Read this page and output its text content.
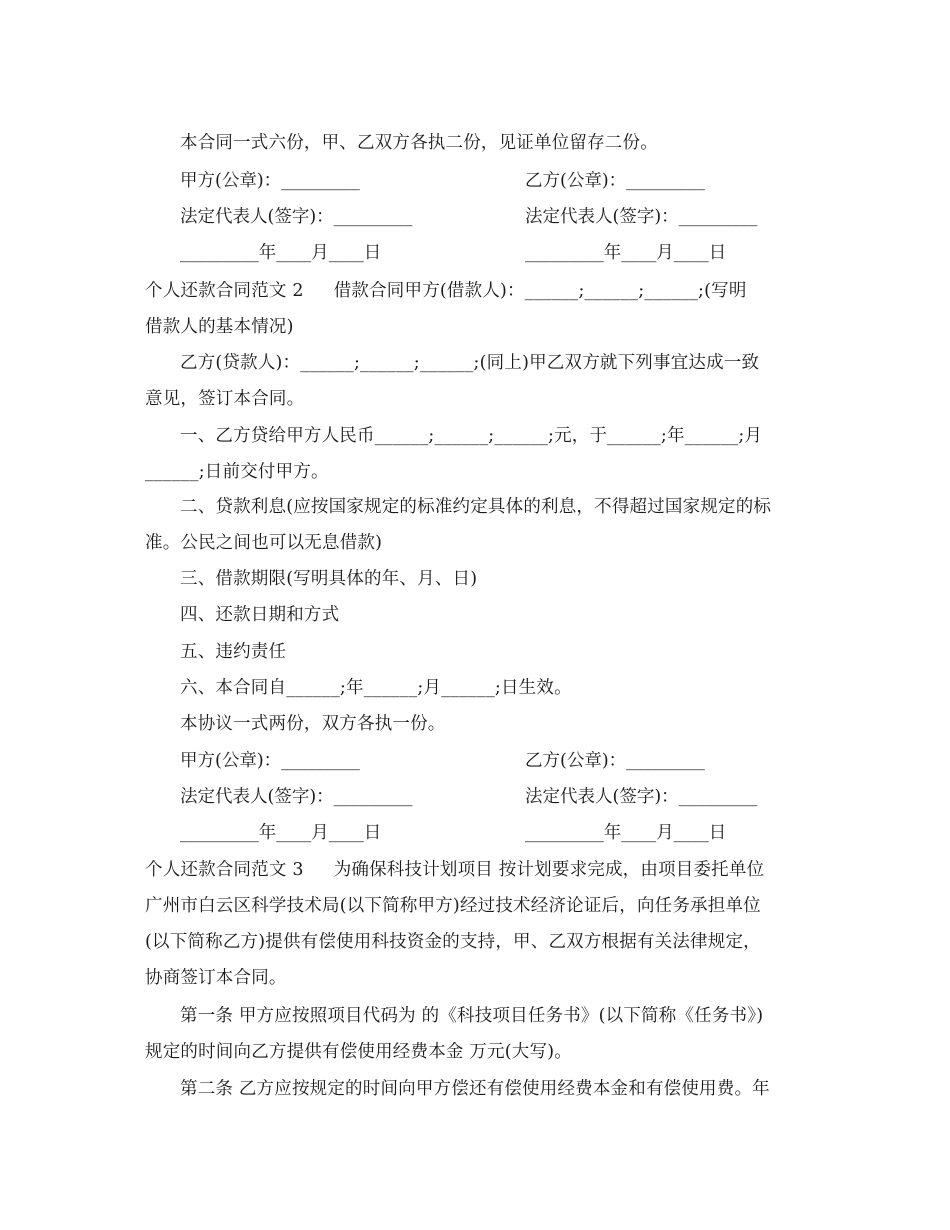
本合同一式六份，甲、乙双方各执二份，见证单位留存二份。
甲方(公章)：_________	乙方(公章)：_________
法定代表人(签字)：_________	法定代表人(签字)：_________
_________年____月____日	_________年____月____日
个人还款合同范文 2 借款合同甲方(借款人)：______;______;______;(写明
借款人的基本情况)
乙方(贷款人)：______;______;______;(同上)甲乙双方就下列事宜达成一致
意见，签订本合同。
一、乙方贷给甲方人民币______;______;______;元，于______;年______;月
______;日前交付甲方。
二、贷款利息(应按国家规定的标准约定具体的利息，不得超过国家规定的标
准。公民之间也可以无息借款)
三、借款期限(写明具体的年、月、日)
四、还款日期和方式
五、违约责任
六、本合同自______;年______;月______;日生效。
本协议一式两份，双方各执一份。
甲方(公章)：_________	乙方(公章)：_________
法定代表人(签字)：_________	法定代表人(签字)：_________
_________年____月____日	_________年____月____日
个人还款合同范文 3 为确保科技计划项目 按计划要求完成，由项目委托单位
广州市白云区科学技术局(以下简称甲方)经过技术经济论证后，向任务承担单位
(以下简称乙方)提供有偿使用科技资金的支持，甲、乙双方根据有关法律规定，
协商签订本合同。
第一条 甲方应按照项目代码为 的《科技项目任务书》(以下简称《任务书》)
规定的时间向乙方提供有偿使用经费本金 万元(大写)。
第二条 乙方应按规定的时间向甲方偿还有偿使用经费本金和有偿使用费。年
